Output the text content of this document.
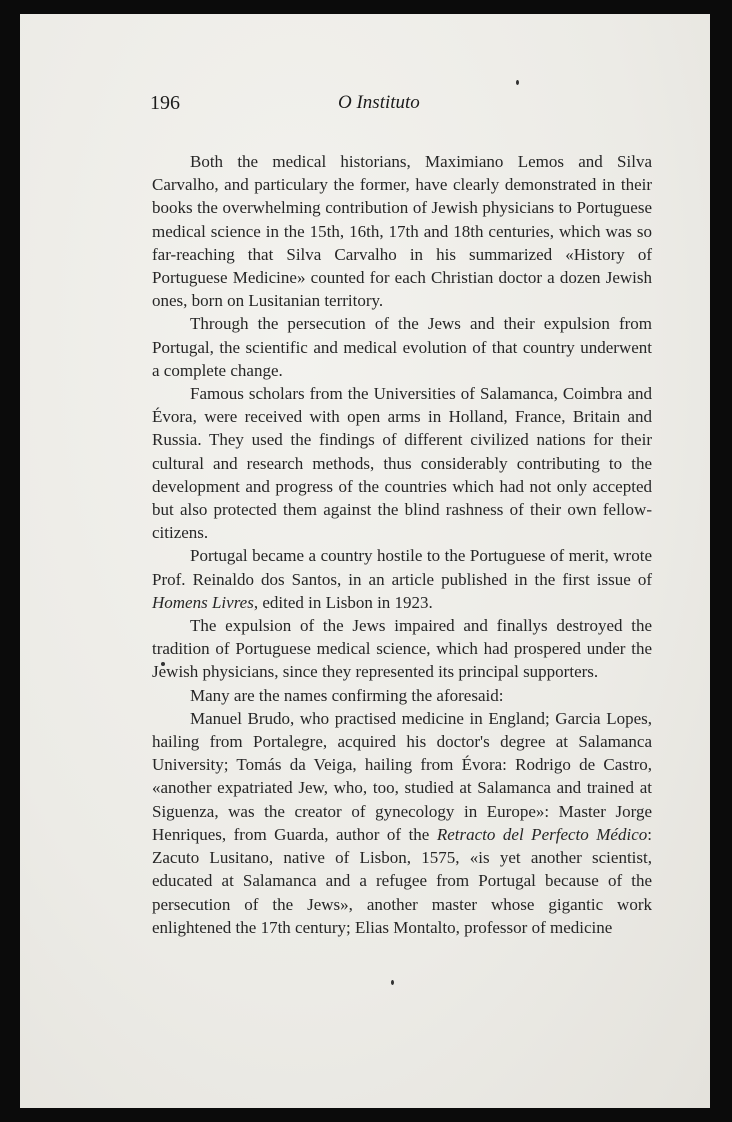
196	O Instituto

Both the medical historians, Maximiano Lemos and Silva Carvalho, and particulary the former, have clearly demonstrated in their books the overwhelming contribution of Jewish physicians to Portuguese medical science in the 15th, 16th, 17th and 18th centuries, which was so far-reaching that Silva Carvalho in his summarized «History of Portuguese Medicine» counted for each Christian doctor a dozen Jewish ones, born on Lusitanian territory.

Through the persecution of the Jews and their expulsion from Portugal, the scientific and medical evolution of that country underwent a complete change.

Famous scholars from the Universities of Salamanca, Coimbra and Évora, were received with open arms in Holland, France, Britain and Russia. They used the findings of different civilized nations for their cultural and research methods, thus considerably contributing to the development and progress of the countries which had not only accepted but also protected them against the blind rashness of their own fellow-citizens.

Portugal became a country hostile to the Portuguese of merit, wrote Prof. Reinaldo dos Santos, in an article published in the first issue of Homens Livres, edited in Lisbon in 1923.

The expulsion of the Jews impaired and finallys destroyed the tradition of Portuguese medical science, which had prospered under the Jewish physicians, since they represented its principal supporters.

Many are the names confirming the aforesaid:

Manuel Brudo, who practised medicine in England; Garcia Lopes, hailing from Portalegre, acquired his doctor's degree at Salamanca University; Tomás da Veiga, hailing from Évora: Rodrigo de Castro, «another expatriated Jew, who, too, studied at Salamanca and trained at Siguenza, was the creator of gynecology in Europe»: Master Jorge Henriques, from Guarda, author of the Retracto del Perfecto Médico: Zacuto Lusitano, native of Lisbon, 1575, «is yet another scientist, educated at Salamanca and a refugee from Portugal because of the persecution of the Jews», another master whose gigantic work enlightened the 17th century; Elias Montalto, professor of medicine
